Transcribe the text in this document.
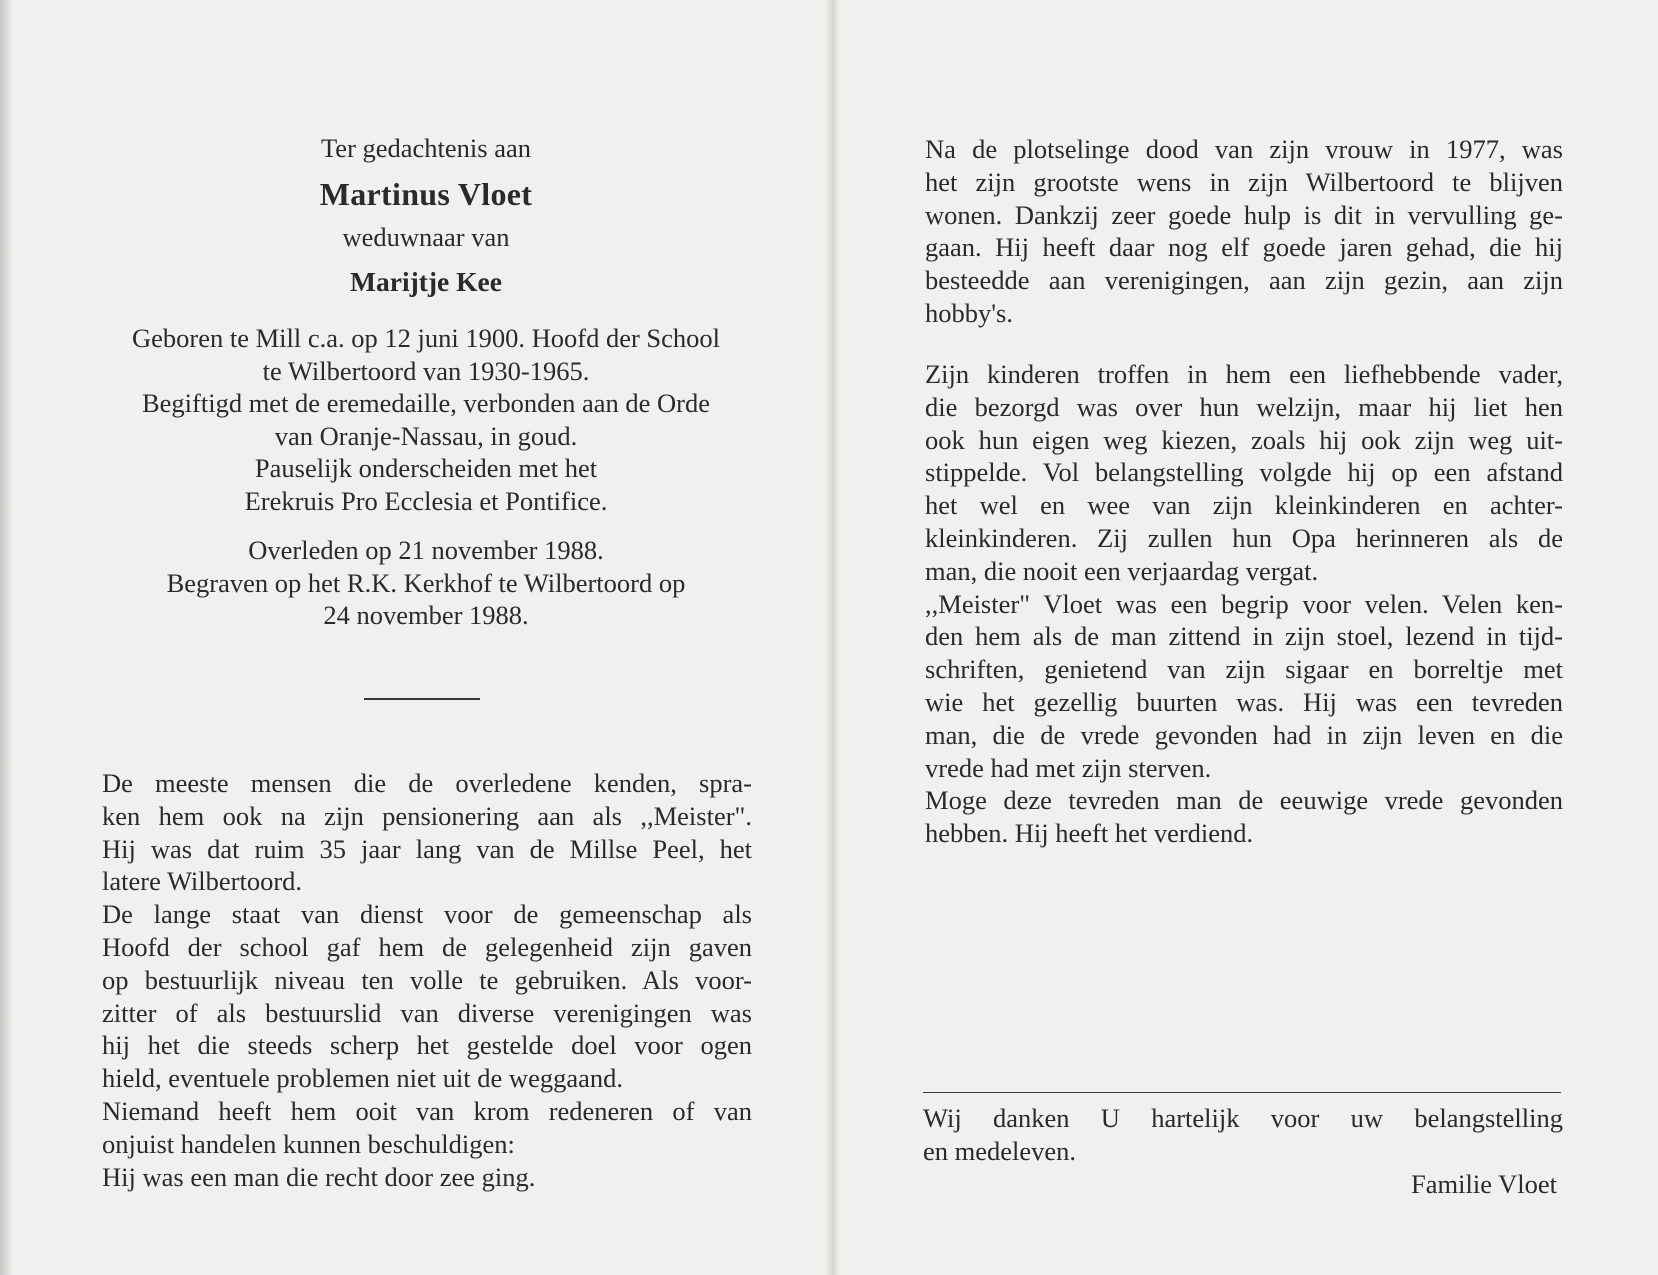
Ter gedachtenis aan
Martinus Vloet
weduwnaar van
Marijtje Kee
Geboren te Mill c.a. op 12 juni 1900. Hoofd der School
te Wilbertoord van 1930-1965.
Begiftigd met de eremedaille, verbonden aan de Orde
van Oranje-Nassau, in goud.
Pauselijk onderscheiden met het
Erekruis Pro Ecclesia et Pontifice.
Overleden op 21 november 1988.
Begraven op het R.K. Kerkhof te Wilbertoord op
24 november 1988.
De meeste mensen die de overledene kenden, spra-
ken hem ook na zijn pensionering aan als ,,Meister".
Hij was dat ruim 35 jaar lang van de Millse Peel, het
latere Wilbertoord.
De lange staat van dienst voor de gemeenschap als
Hoofd der school gaf hem de gelegenheid zijn gaven
op bestuurlijk niveau ten volle te gebruiken. Als voor-
zitter of als bestuurslid van diverse verenigingen was
hij het die steeds scherp het gestelde doel voor ogen
hield, eventuele problemen niet uit de weggaand.
Niemand heeft hem ooit van krom redeneren of van
onjuist handelen kunnen beschuldigen:
Hij was een man die recht door zee ging.
Na de plotselinge dood van zijn vrouw in 1977, was
het zijn grootste wens in zijn Wilbertoord te blijven
wonen. Dankzij zeer goede hulp is dit in vervulling ge-
gaan. Hij heeft daar nog elf goede jaren gehad, die hij
besteedde aan verenigingen, aan zijn gezin, aan zijn
hobby's.
Zijn kinderen troffen in hem een liefhebbende vader,
die bezorgd was over hun welzijn, maar hij liet hen
ook hun eigen weg kiezen, zoals hij ook zijn weg uit-
stippelde. Vol belangstelling volgde hij op een afstand
het wel en wee van zijn kleinkinderen en achter-
kleinkinderen. Zij zullen hun Opa herinneren als de
man, die nooit een verjaardag vergat.
,,Meister" Vloet was een begrip voor velen. Velen ken-
den hem als de man zittend in zijn stoel, lezend in tijd-
schriften, genietend van zijn sigaar en borreltje met
wie het gezellig buurten was. Hij was een tevreden
man, die de vrede gevonden had in zijn leven en die
vrede had met zijn sterven.
Moge deze tevreden man de eeuwige vrede gevonden
hebben. Hij heeft het verdiend.
Wij danken U hartelijk voor uw belangstelling
en medeleven.
Familie Vloet
